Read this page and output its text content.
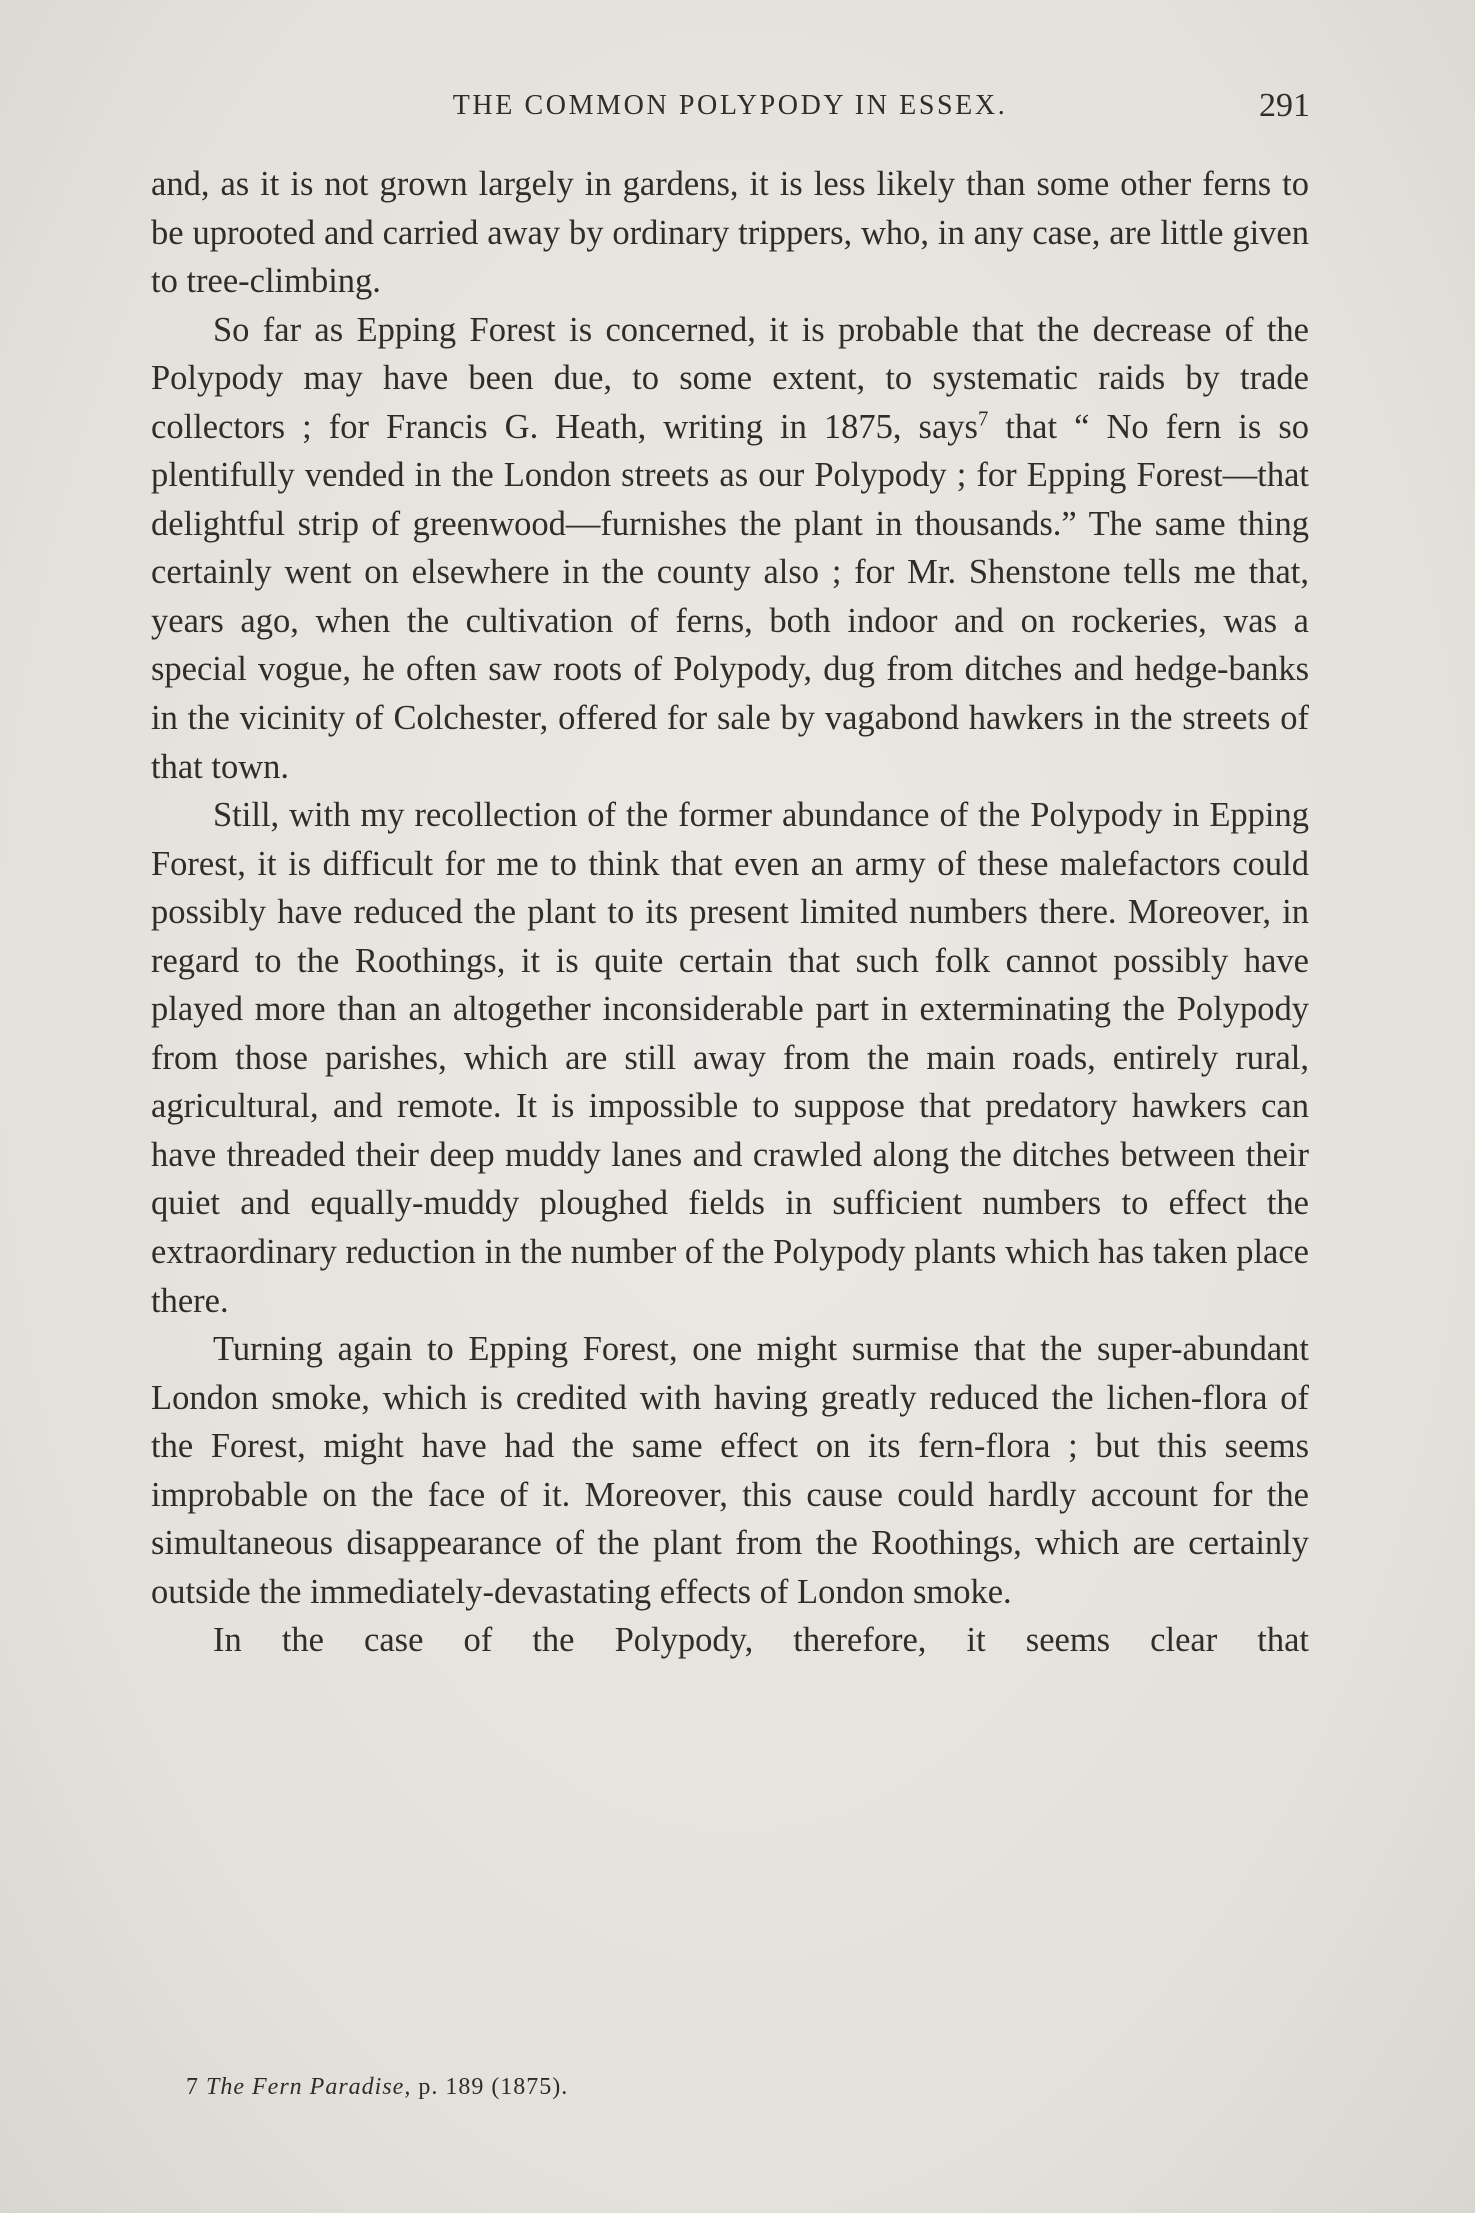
THE COMMON POLYPODY IN ESSEX.	291

and, as it is not grown largely in gardens, it is less likely than some other ferns to be uprooted and carried away by ordinary trippers, who, in any case, are little given to tree-climbing.

So far as Epping Forest is concerned, it is probable that the decrease of the Polypody may have been due, to some extent, to systematic raids by trade collectors ; for Francis G. Heath, writing in 1875, says$^7$ that “ No fern is so plentifully vended in the London streets as our Polypody ; for Epping Forest—that delightful strip of greenwood—furnishes the plant in thousands.” The same thing certainly went on elsewhere in the county also ; for Mr. Shenstone tells me that, years ago, when the cultivation of ferns, both indoor and on rockeries, was a special vogue, he often saw roots of Polypody, dug from ditches and hedge-banks in the vicinity of Colchester, offered for sale by vagabond hawkers in the streets of that town.

Still, with my recollection of the former abundance of the Polypody in Epping Forest, it is difficult for me to think that even an army of these malefactors could possibly have reduced the plant to its present limited numbers there. Moreover, in regard to the Roothings, it is quite certain that such folk cannot possibly have played more than an altogether inconsiderable part in exterminating the Polypody from those parishes, which are still away from the main roads, entirely rural, agricultural, and remote. It is impossible to suppose that predatory hawkers can have threaded their deep muddy lanes and crawled along the ditches between their quiet and equally-muddy ploughed fields in sufficient numbers to effect the extraordinary reduction in the number of the Polypody plants which has taken place there.

Turning again to Epping Forest, one might surmise that the super-abundant London smoke, which is credited with having greatly reduced the lichen-flora of the Forest, might have had the same effect on its fern-flora ; but this seems improbable on the face of it. Moreover, this cause could hardly account for the simultaneous disappearance of the plant from the Roothings, which are certainly outside the immediately-devastating effects of London smoke.

In the case of the Polypody, therefore, it seems clear that

7 The Fern Paradise, p. 189 (1875).
